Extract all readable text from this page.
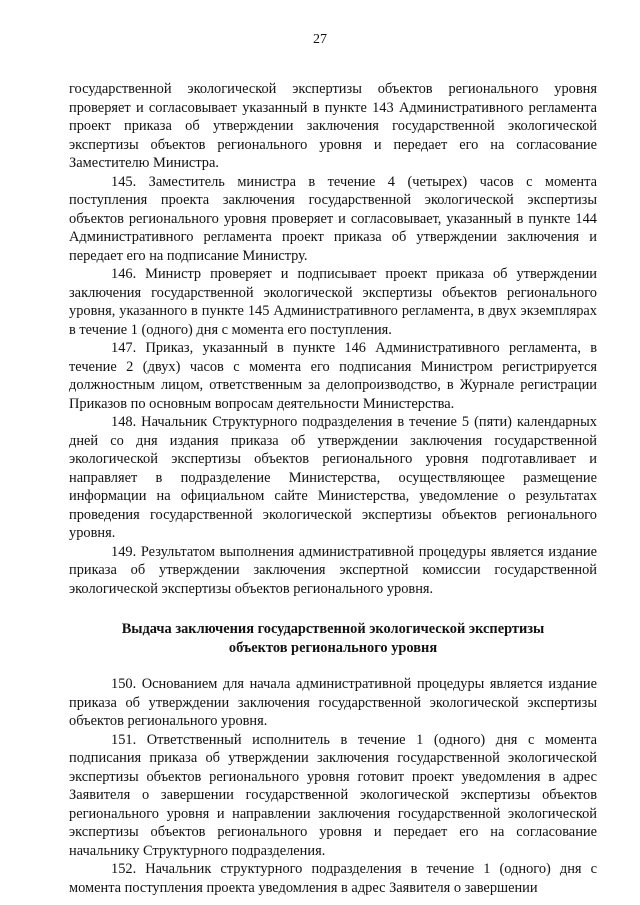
27

государственной экологической экспертизы объектов регионального уровня проверяет и согласовывает указанный в пункте 143 Административного регламента проект приказа об утверждении заключения государственной экологической экспертизы объектов регионального уровня и передает его на согласование Заместителю Министра.

145. Заместитель министра в течение 4 (четырех) часов с момента поступления проекта заключения государственной экологической экспертизы объектов регионального уровня проверяет и согласовывает, указанный в пункте 144 Административного регламента проект приказа об утверждении заключения и передает его на подписание Министру.

146. Министр проверяет и подписывает проект приказа об утверждении заключения государственной экологической экспертизы объектов регионального уровня, указанного в пункте 145 Административного регламента, в двух экземплярах в течение 1 (одного) дня с момента его поступления.

147. Приказ, указанный в пункте 146 Административного регламента, в течение 2 (двух) часов с момента его подписания Министром регистрируется должностным лицом, ответственным за делопроизводство, в Журнале регистрации Приказов по основным вопросам деятельности Министерства.

148. Начальник Структурного подразделения в течение 5 (пяти) календарных дней со дня издания приказа об утверждении заключения государственной экологической экспертизы объектов регионального уровня подготавливает и направляет в подразделение Министерства, осуществляющее размещение информации на официальном сайте Министерства, уведомление о результатах проведения государственной экологической экспертизы объектов регионального уровня.

149. Результатом выполнения административной процедуры является издание приказа об утверждении заключения экспертной комиссии государственной экологической экспертизы объектов регионального уровня.

Выдача заключения государственной экологической экспертизы
объектов регионального уровня

150. Основанием для начала административной процедуры является издание приказа об утверждении заключения государственной экологической экспертизы объектов регионального уровня.

151. Ответственный исполнитель в течение 1 (одного) дня с момента подписания приказа об утверждении заключения государственной экологической экспертизы объектов регионального уровня готовит проект уведомления в адрес Заявителя о завершении государственной экологической экспертизы объектов регионального уровня и направлении заключения государственной экологической экспертизы объектов регионального уровня и передает его на согласование начальнику Структурного подразделения.

152. Начальник структурного подразделения в течение 1 (одного) дня с момента поступления проекта уведомления в адрес Заявителя о завершении
